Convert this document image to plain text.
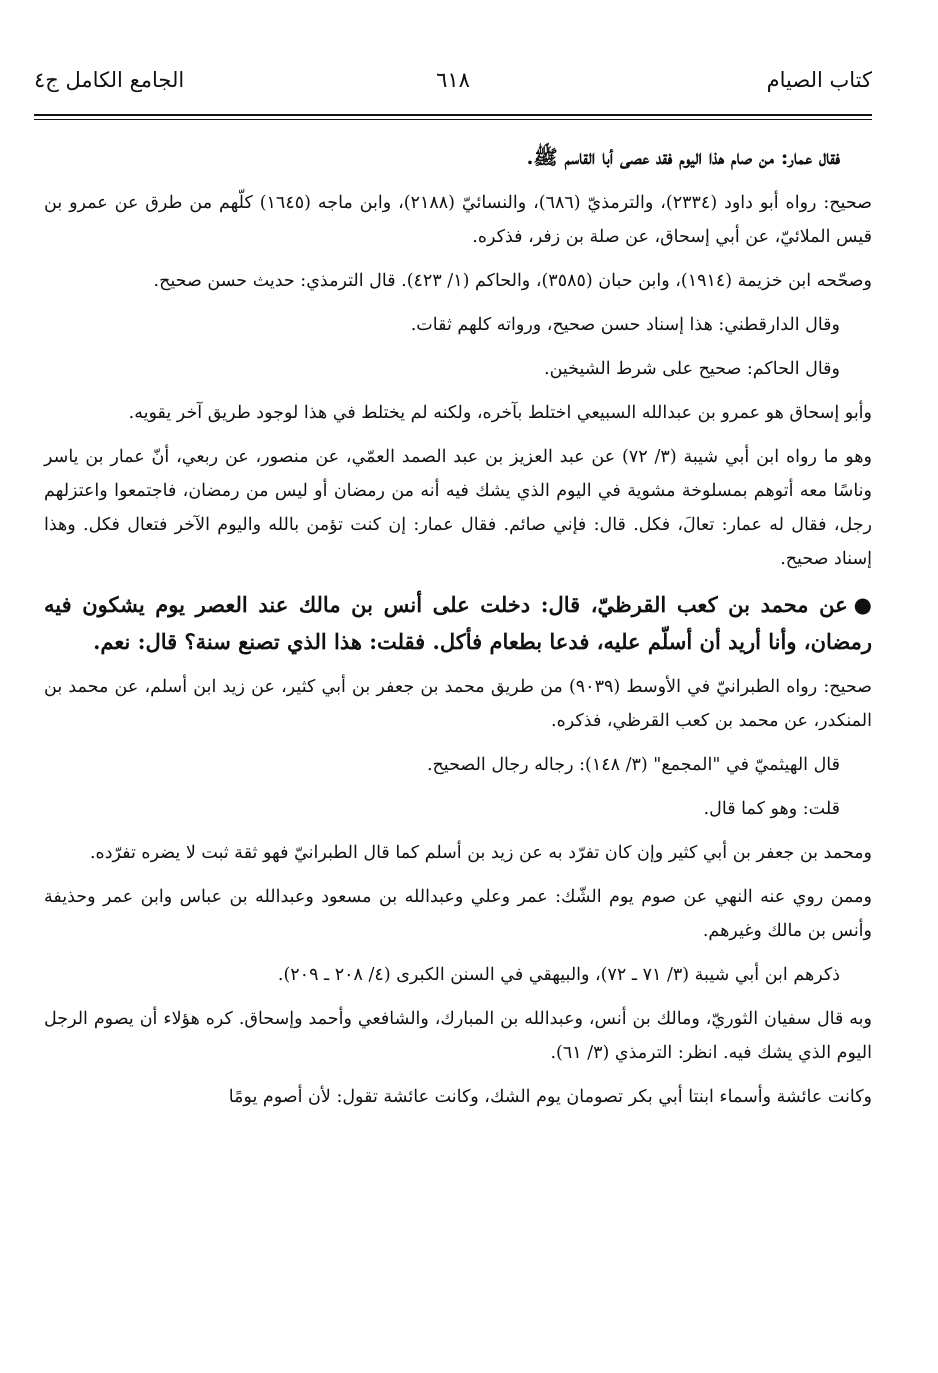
كتاب الصيام
٦١٨
الجامع الكامل ج٤

فقال عمار: من صام هذا اليوم فقد عصى أبا القاسم ﷺ.

صحيح: رواه أبو داود (٢٣٣٤)، والترمذيّ (٦٨٦)، والنسائيّ (٢١٨٨)، وابن ماجه (١٦٤٥) كلّهم من طرق عن عمرو بن قيس الملائيّ، عن أبي إسحاق، عن صلة بن زفر، فذكره.

وصحّحه ابن خزيمة (١٩١٤)، وابن حبان (٣٥٨٥)، والحاكم (١/ ٤٢٣). قال الترمذي: حديث حسن صحيح.

وقال الدارقطني: هذا إسناد حسن صحيح، ورواته كلهم ثقات.

وقال الحاكم: صحيح على شرط الشيخين.

وأبو إسحاق هو عمرو بن عبدالله السبيعي اختلط بآخره، ولكنه لم يختلط في هذا لوجود طريق آخر يقويه.

وهو ما رواه ابن أبي شيبة (٣/ ٧٢) عن عبد العزيز بن عبد الصمد العمّي، عن منصور، عن ربعي، أنّ عمار بن ياسر وناسًا معه أتوهم بمسلوخة مشوية في اليوم الذي يشك فيه أنه من رمضان أو ليس من رمضان، فاجتمعوا واعتزلهم رجل، فقال له عمار: تعالَ، فكل. قال: فإني صائم. فقال عمار: إن كنت تؤمن بالله واليوم الآخر فتعال فكل. وهذا إسناد صحيح.

●عن محمد بن كعب القرظيّ، قال: دخلت على أنس بن مالك عند العصر يوم يشكون فيه رمضان، وأنا أريد أن أسلّم عليه، فدعا بطعام فأكل. فقلت: هذا الذي تصنع سنة؟ قال: نعم.

صحيح: رواه الطبرانيّ في الأوسط (٩٠٣٩) من طريق محمد بن جعفر بن أبي كثير، عن زيد ابن أسلم، عن محمد بن المنكدر، عن محمد بن كعب القرظي، فذكره.

قال الهيثميّ في "المجمع" (٣/ ١٤٨): رجاله رجال الصحيح.

قلت: وهو كما قال.

ومحمد بن جعفر بن أبي كثير وإن كان تفرّد به عن زيد بن أسلم كما قال الطبرانيّ فهو ثقة ثبت لا يضره تفرّده.

وممن روي عنه النهي عن صوم يوم الشّك: عمر وعلي وعبدالله بن مسعود وعبدالله بن عباس وابن عمر وحذيفة وأنس بن مالك وغيرهم.

ذكرهم ابن أبي شيبة (٣/ ٧١ ـ ٧٢)، والبيهقي في السنن الكبرى (٤/ ٢٠٨ ـ ٢٠٩).

وبه قال سفيان الثوريّ، ومالك بن أنس، وعبدالله بن المبارك، والشافعي وأحمد وإسحاق. كره هؤلاء أن يصوم الرجل اليوم الذي يشك فيه. انظر: الترمذي (٣/ ٦١).

وكانت عائشة وأسماء ابنتا أبي بكر تصومان يوم الشك، وكانت عائشة تقول: لأن أصوم يومًا
